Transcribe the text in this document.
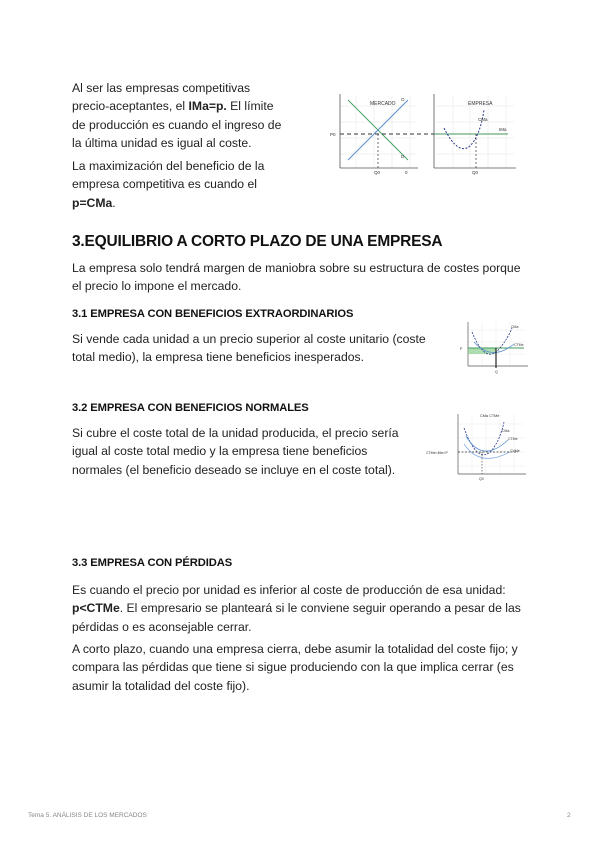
Al ser las empresas competitivas precio-aceptantes, el IMa=p. El límite de producción es cuando el ingreso de la última unidad es igual al coste.
La maximización del beneficio de la empresa competitiva es cuando el p=CMa.
MERCADO	EMPRESA
P0
IMa
Q0	Q0
CMa
D
O
0
3.EQUILIBRIO A CORTO PLAZO DE UNA EMPRESA
La empresa solo tendrá margen de maniobra sobre su estructura de costes porque el precio lo impone el mercado.
3.1 EMPRESA CON BENEFICIOS EXTRAORDINARIOS
Si vende cada unidad a un precio superior al coste unitario (coste total medio), la empresa tiene beneficios inesperados.
P
CMa
CTMe
Q
3.2 EMPRESA CON BENEFICIOS NORMALES
Si cubre el coste total de la unidad producida, el precio sería igual al coste total medio y la empresa tiene beneficios normales (el beneficio deseado se incluye en el coste total).
CMa CTMe
CTMe=IMe=P
CMa
CTMe
CVMe
Q0
3.3 EMPRESA CON PÉRDIDAS
Es cuando el precio por unidad es inferior al coste de producción de esa unidad: p<CTMe. El empresario se planteará si le conviene seguir operando a pesar de las pérdidas o es aconsejable cerrar.
A corto plazo, cuando una empresa cierra, debe asumir la totalidad del coste fijo; y compara las pérdidas que tiene si sigue produciendo con la que implica cerrar (es asumir la totalidad del coste fijo).
Tema 5. ANÁLISIS DE LOS MERCADOS	2
